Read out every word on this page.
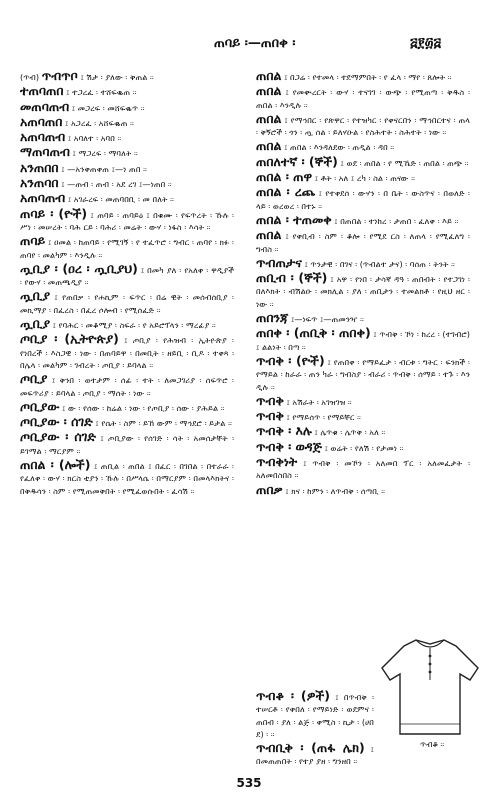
ጠባይ ፡—ጠበቀ ፡	፭፻፴፭

(ጥብ) ጥብጥቦ ፤ ሽታ ፡ ያለው ፡ ቅጠል ።

ተጠባጠበ ፤ ተጋረፈ ፡ ተሸፍቈጠ ።

መጠባጠብ ፤ መጋረፍ ፡ መሸፍቈጥ ።

አጠባጠበ ፤ አጋረፈ ፡ አሸፍቈጠ ።

አጠባጠብ ፤ አባለተ ፡ አባበ ።

ማጠባጠብ ፤ ማጋረፍ ፡ ማባለት ።

አንጠበበ ፤ —አንቀጠቀጠ ፤—ነ ጠበ ።

አንጠባበ ፤ —ጠብ ፡ ጠብ ፡ አደ ረገ ፤—ነጠበ ።

አጠባጠብ ፤ አገራረፍ ፡ መጠባበቢ ፡ መ በለት ።

ጠባይ ፡ (ዮች) ፤ ጠባይ ፡ ጠባይዕ ፤ በቁሙ ፡ የፍጥረት ፡ ኹሉ ፡ ሥነ ፡ መሠረት ፡ ባሕ ርይ ፡ ባሕሪ ፡ መሬት ፡ ውሃ ፡ ነፋስ ፡ እሳት ።

ጠባይ ፤ ዐመል ፡ ከጠባይ ፡ የሚገኝ ፡ የ ተፈጥሮ ፡ ግብር ፡ ጠባየ ፡ ክፉ ፡ ጠባየ ፡ መልካም ፡ እንዲሉ ።

ጧቢያ ፡ (ዐረ ፡ ጧቢያህ) ፤ በመካ ያለ ፡ የአለቀ ፡ ዋዲያች ፡ የውሃ ፡ መጠጫዲያ ።

ጧቢያ ፤ የጠበቃ ፡ የሐኪም ፡ ፍጥር ፡ በሬ ዊት ፡ መሰብሰቢያ ፡ መኪማያ ፡ በፈረስ ፡ በፈረ ሶሎብ ፡ የሚሰፈድ ።

ጧቢያ ፤ የባሕር ፡ መቆሚያ ፡ ስፍራ ፡ የ አይሮፕላን ፡ ማረፊያ ።

ጦቢያ ፡ (ኢትዮጵያ) ፤ ጦቢያ ፡ የሕዝብ ፡ ኢትዮጵያ ፡ የነበረች ፡ እስጋዊ ፡ ነው ፡ በጠባይዋ ፡ በመቢት ፡ ዘይቢ ፡ ቢዶ ፡ ተቀጻ ፡ በሌላ ፡ መልካም ፡ ገብረት ፡ ጦቢያ ፡ ይባላል ።

ጦቢያ ፤ ቅንበ ፡ ወተታም ፡ ሰፊ ፡ ተት ፡ ለመጋገሪያ ፡ ሰፍጥሮ ፡ መፍጥሪያ ፡ ይባላል ፡ ጦቢያ ፡ ማሰት ፡ ነው ።

ጦቢያው ፤ ው ፡ የሰው ፡ ከሬል ፡ ነው ፡ የጦቢያ ፡ ሰው ፡ ያሕይል ።

ጦቢያው ፡ ሰገድ ፤ የሴት ፡ ስም ፡ ይኸ ውም ፡ ማኅደሮ ፡ ይታል ።

ጦቢያው ፡ ሰገድ ፤ ጦቢያው ፡ የሰገድ ፡ ሳት ፡ አመሰታቸት ፡ ይገማል ፡ ማርያም ።

ጠበል ፡ (ሎች) ፤ ጠቢል ፡ ጠበል ፤ በፈር ፡ በገበል ፡ በተራራ ፡ የፈለቀ ፡ ውሃ ፡ ክርስ ቲያን ፡ ኹሉ ፡ በሥላሴ ፡ በማርያም ፡ በመላእክትና ፡ በቅዱሳን ፡ ስም ፡ የሚጠመቅበት ፡ የሚፈወሱበት ፡ ፈሳሽ ።

ጠበል ፤ በጋሬ ፡ የተመላ ፡ ተደማምበት ፡ የ ፈላ ፡ ማየ ፡ ጸሎት ።

ጠበል ፤ የመቍረርት ፡ ውሃ ፡ ተናገገ ፡ ውጭ ፡ የሚጠጣ ፡ ቅዱስ ፡ ጠበል ፡ እንዲሉ ።

ጠበል ፤ የማኅበር ፡ የጽዋር ፡ የተዝካር ፡ የቀናርበን ፡ ማኅበርተና ፡ ጠላ ፡ ቅኝሮች ፡ ጎን ፡ ጧ ሰል ፡ ይለሃዑል ፡ የስሕተት ፡ ስሕተት ፡ ነው ።

ጠበል ፤ ጠበል ፡ እንዳለደው ፡ ጠዲል ፡ ዳበ ።

ጠበለተኛ ፡ (ኞች) ፤ ወደ ፡ ጠበል ፡ የ ሚኼድ ፡ ጠበል ፡ ጠጭ ።

ጠበል ፡ ጠዋ ፤ ቶት ፡ አለ ፤ ረካ ፡ ስል ፡ ጠናው ።

ጠበል ፡ ረጨ ፤ የተቀደሰ ፡ ውሃን ፡ በ ቤት ፡ ውስጥና ፡ በወለድ ፡ ላይ ፡ ወረወረ ፡ በተኑ ።

ጠበል ፡ ተጠመቀ ፤ በጠበል ፡ ተነከረ ፡ ታጠበ ፡ ፈለቀ ፡ እይ ።

ጠበል ፤ የቀቢብ ፡ ስም ፡ ቆሎ ፡ የሚደ ርስ ፡ ለጠላ ፡ የሚፈለግ ፡ ግብስ ።

ጥብጠታና ፤ ጥንታዊ ፡ በገና ፡ (ጥብልተ ታና) ፡ ባሰጠ ፡ ትንት ።

ጠቢብ ፡ (ኞች) ፤ አዋ ፡ የነበ ፡ ታሳኛ ዳዓ ፡ ጠበብት ፡ የተጋገነ ፡ በለእክት ፡ ብሽልዑ ፡ መክሊል ፡ ያለ ፡ ጠቢታን ፡ ተመልክቶ ፡ የዚህ ዘር ፡ ነው ።

ጠበንጃ ፤—ነፍጥ ፤—ጠመንዣ ።

ጠበቀ ፡ (ጠቢቅ ፡ ጠበቀ) ፤ ጥብቅ ፡ ኾነ ፡ ከረረ ፡ (ተገብሮ) ፤ ልልነት ፡ በጣ ።

ጥብቅ ፡ (ዮች) ፤ የጠበቀ ፡ የማይፈታ ፡ ብርቱ ፡ ግትር ፡ ፍንክች ፡ የማይል ፡ ከራራ ፡ ጠን ካራ ፡ ግብስያ ፡ ብራሪ ፡ ጥብቅ ፡ ሰማይ ፡ ተጉ ፡ እን ዲሉ ።

ጥብቅ ፤ አሽራት ፡ አገዝገዝ ።

ጥብቅ ፤ የማይሰጥ ፡ የማይቸር ።

ጥብቅ ፡ እሉ ፤ ሌጥቁ ፡ ሌጥቅ ፡ አለ ።

ጥብቅ ፡ ወዳጅ ፤ ወሬት ፡ የለሽ ፡ የታመነ ።

ጥብቅነት ፤ ጥብቅ ፡ መኾን ፡ አለመበ ፕር ፡ አለመፈታት ፡ አለመበስበስ ።

ጠበቃ ፤ ክና ፡ ከምን ፡ ለጥብቅ ፡ ሰጣቢ ።

ጥብቆ ፡ (ዎች) ፤ በጥብቅ ፡ ተሠርቶ ፡ የቀበለ ፡ የማይነድ ፡ ወደምና ፡ ጠበብ ፡ ያለ ፡ ልጅ ፡ ቀሚስ ፡ ኪታ ፡ (ሀበ ደ) ፡ ።

ጥብቢቅ ፡ (ጠፋ ሌክ) ፤ በመጠጠበት ፡ የተያ ያዘ ፡ ግንዘበ ።

ጥብቆ ።
535
